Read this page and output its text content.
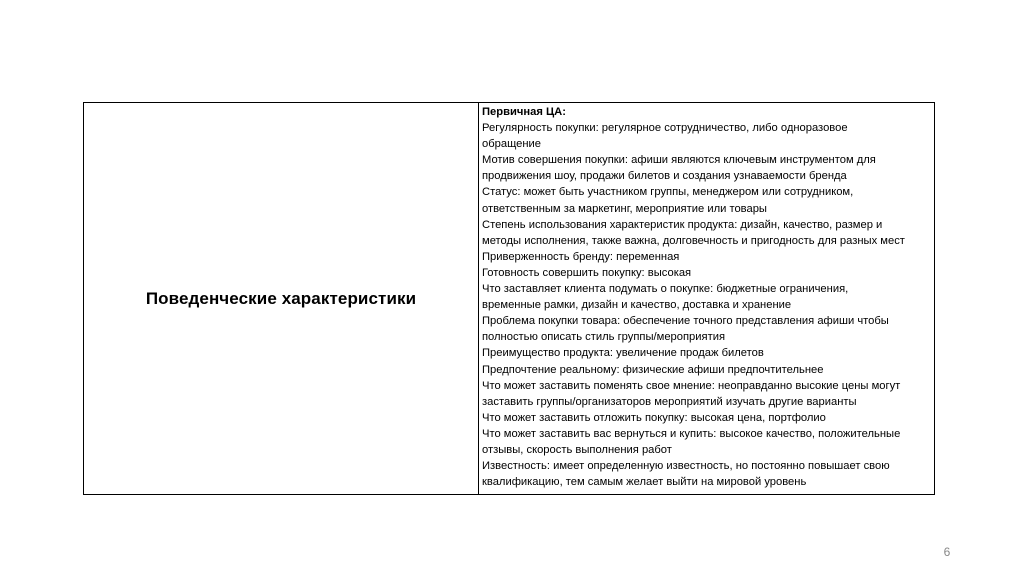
Поведенческие характеристики
Первичная ЦА:
Регулярность покупки: регулярное сотрудничество, либо одноразовое
обращение
Мотив совершения покупки: афиши являются ключевым инструментом для
продвижения шоу, продажи билетов и создания узнаваемости бренда
Статус: может быть участником группы, менеджером или сотрудником,
ответственным за маркетинг, мероприятие или товары
Степень использования характеристик продукта: дизайн, качество, размер и
методы исполнения, также важна, долговечность и пригодность для разных мест
Приверженность бренду: переменная
Готовность совершить покупку: высокая
Что заставляет клиента подумать о покупке: бюджетные ограничения,
временные рамки, дизайн и качество, доставка и хранение
Проблема покупки товара: обеспечение точного представления афиши чтобы
полностью описать стиль группы/мероприятия
Преимущество продукта: увеличение продаж билетов
Предпочтение реальному: физические афиши предпочтительнее
Что может заставить поменять свое мнение: неоправданно высокие цены могут
заставить группы/организаторов мероприятий изучать другие варианты
Что может заставить отложить покупку: высокая цена, портфолио
Что может заставить вас вернуться и купить: высокое качество, положительные
отзывы, скорость выполнения работ
Известность: имеет определенную известность, но постоянно повышает свою
квалификацию, тем самым желает выйти на мировой уровень
6
